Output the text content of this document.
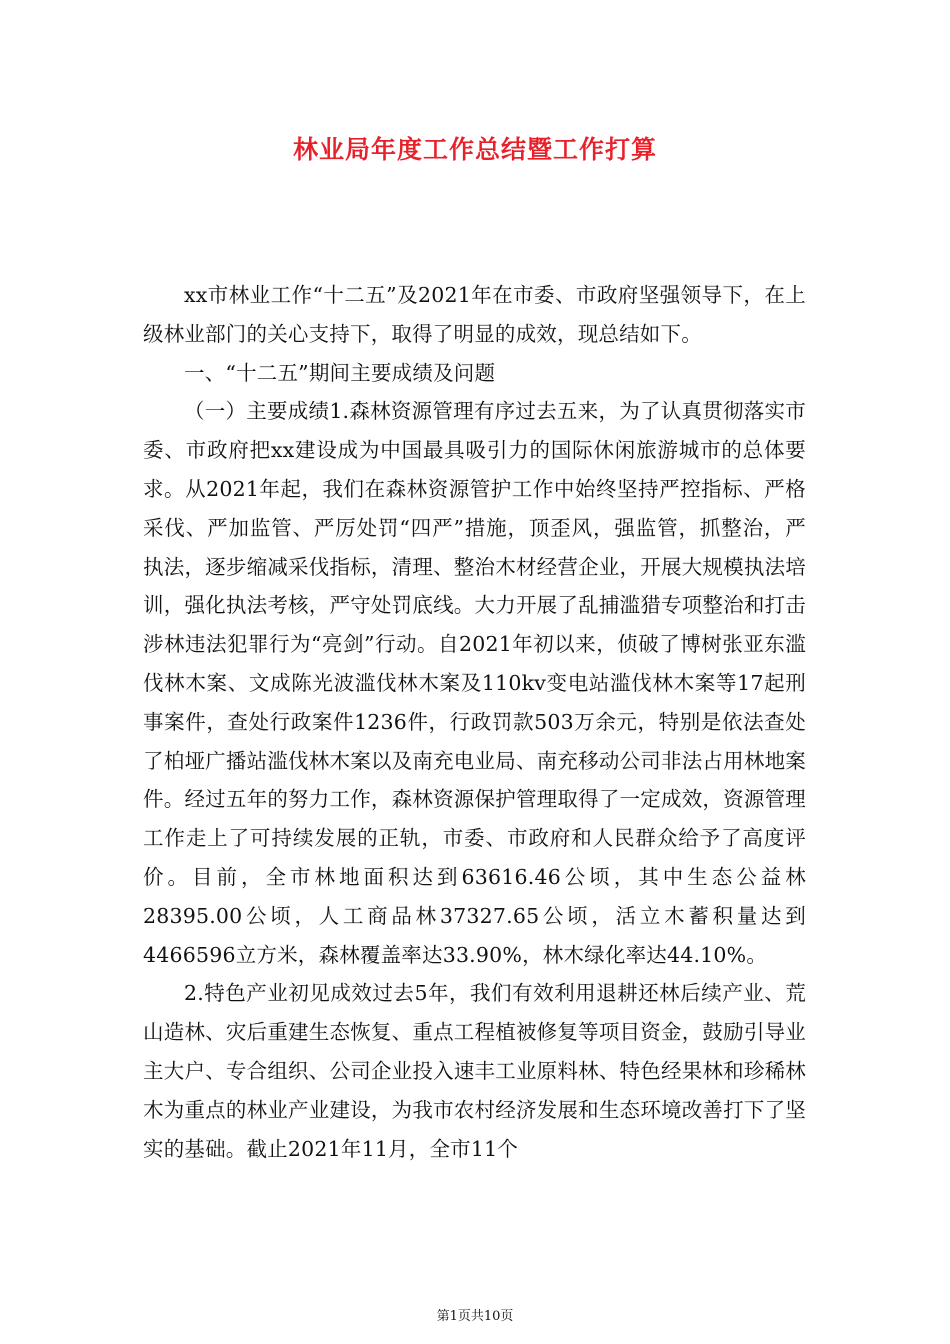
林业局年度工作总结暨工作打算

xx市林业工作“十二五”及2021年在市委、市政府坚强领导下，在上级林业部门的关心支持下，取得了明显的成效，现总结如下。

一、“十二五”期间主要成绩及问题

（一）主要成绩1.森林资源管理有序过去五来，为了认真贯彻落实市委、市政府把xx建设成为中国最具吸引力的国际休闲旅游城市的总体要求。从2021年起，我们在森林资源管护工作中始终坚持严控指标、严格采伐、严加监管、严厉处罚“四严”措施，顶歪风，强监管，抓整治，严执法，逐步缩减采伐指标，清理、整治木材经营企业，开展大规模执法培训，强化执法考核，严守处罚底线。大力开展了乱捕滥猎专项整治和打击涉林违法犯罪行为“亮剑”行动。自2021年初以来，侦破了博树张亚东滥伐林木案、文成陈光波滥伐林木案及110kv变电站滥伐林木案等17起刑事案件，查处行政案件1236件，行政罚款503万余元，特别是依法查处了柏垭广播站滥伐林木案以及南充电业局、南充移动公司非法占用林地案件。经过五年的努力工作，森林资源保护管理取得了一定成效，资源管理工作走上了可持续发展的正轨，市委、市政府和人民群众给予了高度评价。目前，全市林地面积达到63616.46公顷，其中生态公益林28395.00公顷，人工商品林37327.65公顷，活立木蓄积量达到4466596立方米，森林覆盖率达33.90%，林木绿化率达44.10%。

2.特色产业初见成效过去5年，我们有效利用退耕还林后续产业、荒山造林、灾后重建生态恢复、重点工程植被修复等项目资金，鼓励引导业主大户、专合组织、公司企业投入速丰工业原料林、特色经果林和珍稀林木为重点的林业产业建设，为我市农村经济发展和生态环境改善打下了坚实的基础。截止2021年11月，全市11个

第1页共10页
